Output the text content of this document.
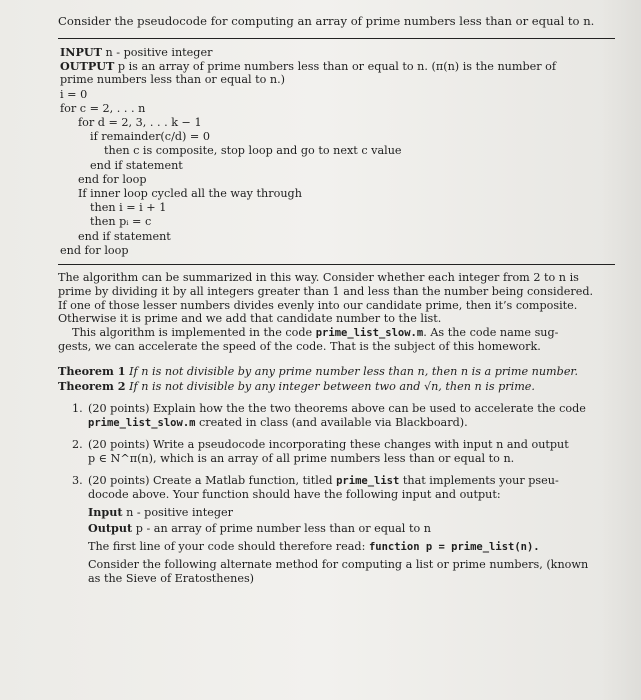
Consider the pseudocode for computing an array of prime numbers less than or equal to n.
INPUT n - positive integer
OUTPUT p is an array of prime numbers less than or equal to n. (π(n) is the number of
prime numbers less than or equal to n.)
i = 0
for c = 2, . . . n
for d = 2, 3, . . . k − 1
if remainder(c/d) = 0
then c is composite, stop loop and go to next c value
end if statement
end for loop
If inner loop cycled all the way through
then i = i + 1
then pᵢ = c
end if statement
end for loop
The algorithm can be summarized in this way. Consider whether each integer from 2 to n is
prime by dividing it by all integers greater than 1 and less than the number being considered.
If one of those lesser numbers divides evenly into our candidate prime, then it’s composite.
Otherwise it is prime and we add that candidate number to the list.
This algorithm is implemented in the code prime_list_slow.m. As the code name sug-
gests, we can accelerate the speed of the code. That is the subject of this homework.
Theorem 1 If n is not divisible by any prime number less than n, then n is a prime number.
Theorem 2 If n is not divisible by any integer between two and √n, then n is prime.
1. (20 points) Explain how the the two theorems above can be used to accelerate the code
prime_list_slow.m created in class (and available via Blackboard).
2. (20 points) Write a pseudocode incorporating these changes with input n and output
p ∈ N^π(n), which is an array of all prime numbers less than or equal to n.
3. (20 points) Create a Matlab function, titled prime_list that implements your pseu-
docode above. Your function should have the following input and output:
Input n - positive integer
Output p - an array of prime number less than or equal to n
The first line of your code should therefore read: function p = prime_list(n).
Consider the following alternate method for computing a list or prime numbers, (known
as the Sieve of Eratosthenes)
